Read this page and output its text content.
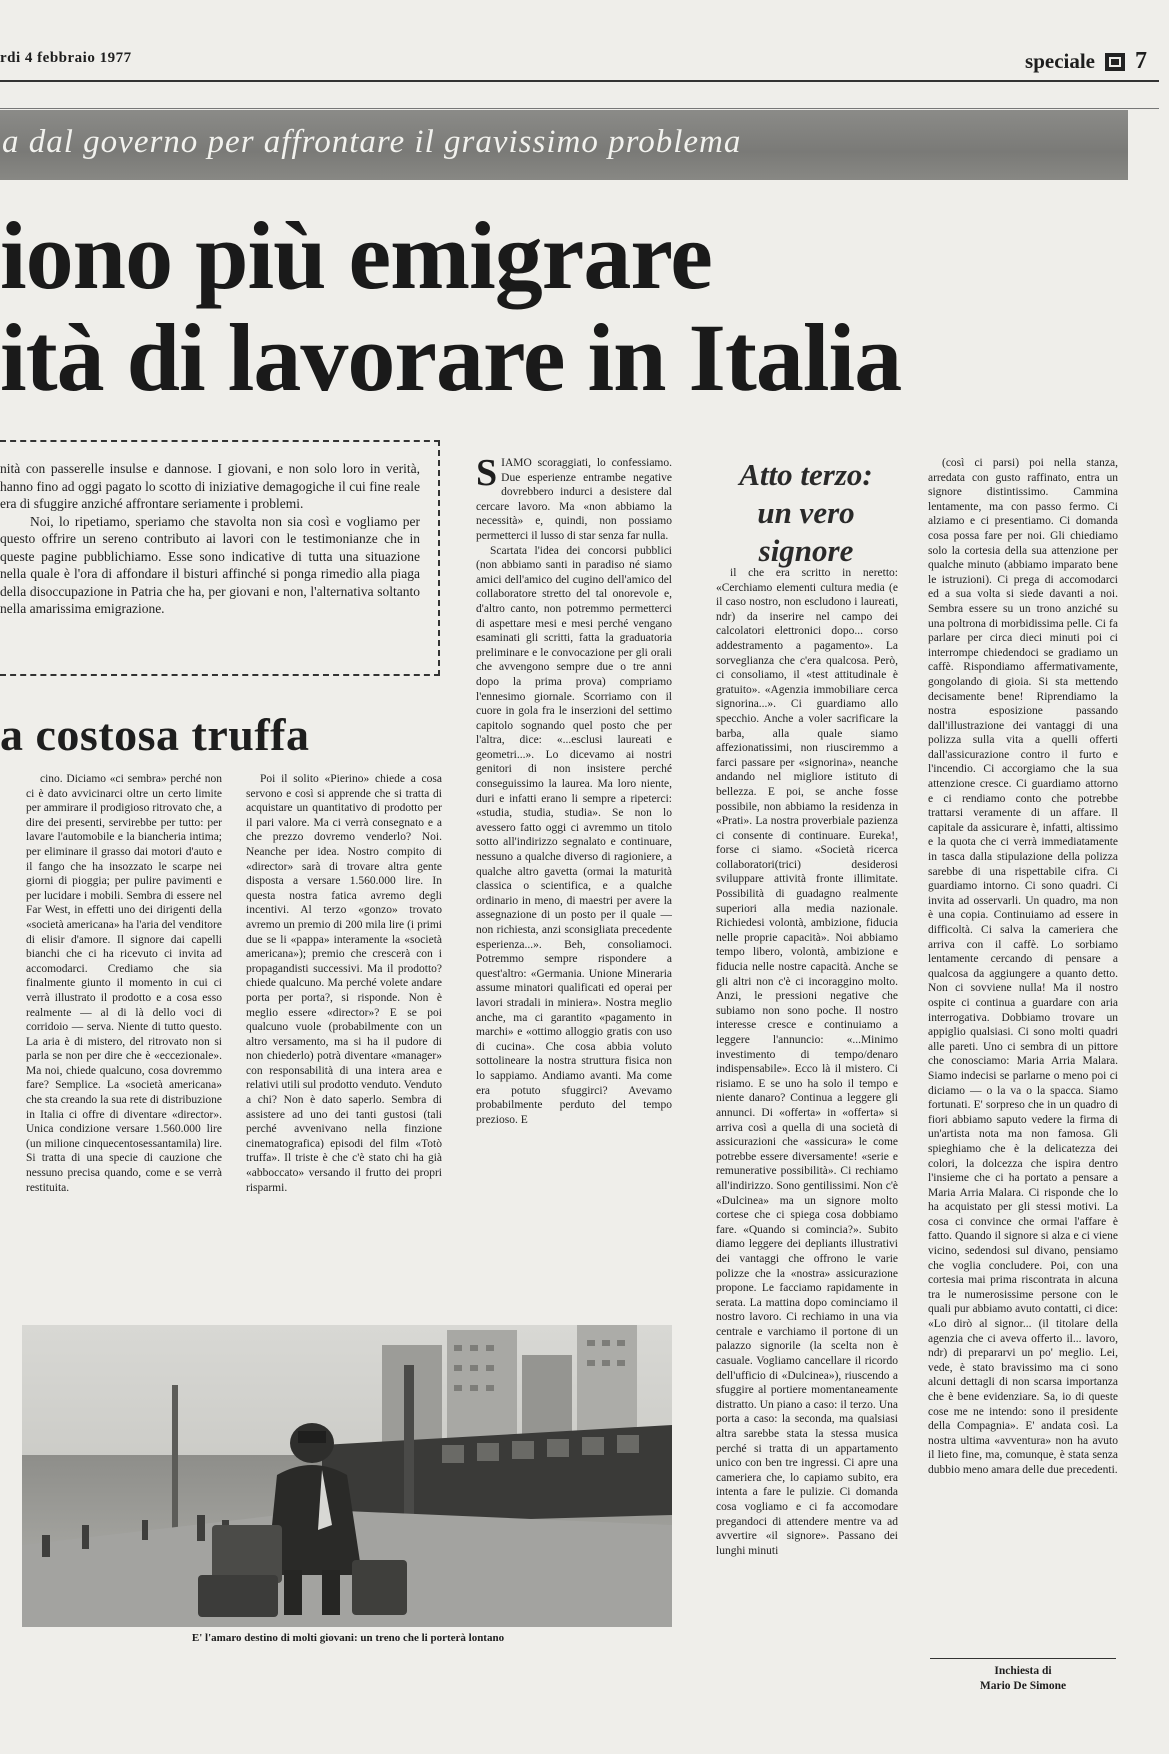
rdi 4 febbraio 1977	speciale 7
a dal governo per affrontare il gravissimo problema
iono più emigrare
ità di lavorare in Italia

nità con passerelle insulse e dannose. I giovani, e non solo loro in verità, hanno fino ad oggi pagato lo scotto di iniziative demagogiche il cui fine reale era di sfuggire anziché affrontare seriamente i problemi.

Noi, lo ripetiamo, speriamo che stavolta non sia così e vogliamo per questo offrire un sereno contributo ai lavori con le testimonianze che in queste pagine pubblichiamo. Esse sono indicative di tutta una situazione nella quale è l'ora di affondare il bisturi affinché si ponga rimedio alla piaga della disoccupazione in Patria che ha, per giovani e non, l'alternativa soltanto nella amarissima emigrazione.

a costosa truffa

cino. Diciamo «ci sembra» perché non ci è dato avvicinarci oltre un certo limite per ammirare il prodigioso ritrovato che, a dire dei presenti, servirebbe per tutto: per lavare l'automobile e la biancheria intima; per eliminare il grasso dai motori d'auto e il fango che ha insozzato le scarpe nei giorni di pioggia; per pulire pavimenti e per lucidare i mobili. Sembra di essere nel Far West, in effetti uno dei dirigenti della «società americana» ha l'aria del venditore di elisir d'amore. Il signore dai capelli bianchi che ci ha ricevuto ci invita ad accomodarci. Crediamo che sia finalmente giunto il momento in cui ci verrà illustrato il prodotto e a cosa esso realmente — al di là dello voci di corridoio — serva. Niente di tutto questo. La aria è di mistero, del ritrovato non si parla se non per dire che è «eccezionale». Ma noi, chiede qualcuno, cosa dovremmo fare? Semplice. La «società americana» che sta creando la sua rete di distribuzione in Italia ci offre di diventare «director». Unica condizione versare 1.560.000 lire (un milione cinquecentosessantamila) lire. Si tratta di una specie di cauzione che nessuno precisa quando, come e se verrà restituita.

Poi il solito «Pierino» chiede a cosa servono e così si apprende che si tratta di acquistare un quantitativo di prodotto per il pari valore. Ma ci verrà consegnato e a che prezzo dovremo venderlo? Noi. Neanche per idea. Nostro compito di «director» sarà di trovare altra gente disposta a versare 1.560.000 lire. In questa nostra fatica avremo degli incentivi. Al terzo «gonzo» trovato avremo un premio di 200 mila lire (i primi due se li «pappa» interamente la «società americana»); premio che crescerà con i propagandisti successivi. Ma il prodotto? chiede qualcuno. Ma perché volete andare porta per porta?, si risponde. Non è meglio essere «director»? E se poi qualcuno vuole (probabilmente con un altro versamento, ma si ha il pudore di non chiederlo) potrà diventare «manager» con responsabilità di una intera area e relativi utili sul prodotto venduto. Venduto a chi? Non è dato saperlo. Sembra di assistere ad uno dei tanti gustosi (tali perché avvenivano nella finzione cinematografica) episodi del film «Totò truffa». Il triste è che c'è stato chi ha già «abboccato» versando il frutto dei propri risparmi.

S IAMO scoraggiati, lo confessiamo. Due esperienze entrambe negative dovrebbero indurci a desistere dal cercare lavoro. Ma «non abbiamo la necessità» e, quindi, non possiamo permetterci il lusso di star senza far nulla.

Scartata l'idea dei concorsi pubblici (non abbiamo santi in paradiso né siamo amici dell'amico del cugino dell'amico del collaboratore stretto del tal onorevole e, d'altro canto, non potremmo permetterci di aspettare mesi e mesi perché vengano esaminati gli scritti, fatta la graduatoria preliminare e le convocazione per gli orali che avvengono sempre due o tre anni dopo la prima prova) compriamo l'ennesimo giornale. Scorriamo con il cuore in gola fra le inserzioni del settimo capitolo sognando quel posto che per l'altra, dice: «...esclusi laureati e geometri...». Lo dicevamo ai nostri genitori di non insistere perché conseguissimo la laurea. Ma loro niente, duri e infatti erano li sempre a ripeterci: «studia, studia, studia». Se non lo avessero fatto oggi ci avremmo un titolo sotto all'indirizzo segnalato e continuare, nessuno a qualche diverso di ragioniere, a qualche altro gavetta (ormai la maturità classica o scientifica, e a qualche ordinario in meno, di maestri per avere la assegnazione di un posto per il quale — non richiesta, anzi sconsigliata precedente esperienza...». Beh, consoliamoci. Potremmo sempre rispondere a quest'altro: «Germania. Unione Mineraria assume minatori qualificati ed operai per lavori stradali in miniera». Nostra meglio anche, ma ci garantito «pagamento in marchi» e «ottimo alloggio gratis con uso di cucina». Che cosa abbia voluto sottolineare la nostra struttura fisica non lo sappiamo. Andiamo avanti. Ma come era potuto sfuggirci? Avevamo probabilmente perduto del tempo prezioso. E

Atto terzo:
un vero
signore

il che era scritto in neretto: «Cerchiamo elementi cultura media (e il caso nostro, non escludono i laureati, ndr) da inserire nel campo dei calcolatori elettronici dopo... corso addestramento a pagamento». La sorveglianza che c'era qualcosa. Però, ci consoliamo, il «test attitudinale è gratuito». «Agenzia immobiliare cerca signorina...». Ci guardiamo allo specchio. Anche a voler sacrificare la barba, alla quale siamo affezionatissimi, non riusciremmo a farci passare per «signorina», neanche andando nel migliore istituto di bellezza. E poi, se anche fosse possibile, non abbiamo la residenza in «Prati». La nostra proverbiale pazienza ci consente di continuare. Eureka!, forse ci siamo. «Società ricerca collaboratori(trici) desiderosi sviluppare attività fronte illimitate. Possibilità di guadagno realmente superiori alla media nazionale. Richiedesi volontà, ambizione, fiducia nelle proprie capacità». Noi abbiamo tempo libero, volontà, ambizione e fiducia nelle nostre capacità. Anche se gli altri non c'è ci incoraggino molto. Anzi, le pressioni negative che subiamo non sono poche. Il nostro interesse cresce e continuiamo a leggere l'annuncio: «...Minimo investimento di tempo/denaro indispensabile». Ecco là il mistero. Ci risiamo. E se uno ha solo il tempo e niente danaro? Continua a leggere gli annunci. Di «offerta» in «offerta» si arriva così a quella di una società di assicurazioni che «assicura» le come potrebbe essere diversamente! «serie e remunerative possibilità». Ci rechiamo all'indirizzo. Sono gentilissimi. Non c'è «Dulcinea» ma un signore molto cortese che ci spiega cosa dobbiamo fare. «Quando si comincia?». Subito diamo leggere dei depliants illustrativi dei vantaggi che offrono le varie polizze che la «nostra» assicurazione propone. Le facciamo rapidamente in serata. La mattina dopo cominciamo il nostro lavoro. Ci rechiamo in una via centrale e varchiamo il portone di un palazzo signorile (la scelta non è casuale. Vogliamo cancellare il ricordo dell'ufficio di «Dulcinea»), riuscendo a sfuggire al portiere momentaneamente distratto. Un piano a caso: il terzo. Una porta a caso: la seconda, ma qualsiasi altra sarebbe stata la stessa musica perché si tratta di un appartamento unico con ben tre ingressi. Ci apre una cameriera che, lo capiamo subito, era intenta a fare le pulizie. Ci domanda cosa vogliamo e ci fa accomodare pregandoci di attendere mentre va ad avvertire «il signore». Passano dei lunghi minuti

(così ci parsi) poi nella stanza, arredata con gusto raffinato, entra un signore distintissimo. Cammina lentamente, ma con passo fermo. Ci alziamo e ci presentiamo. Ci domanda cosa possa fare per noi. Gli chiediamo solo la cortesia della sua attenzione per qualche minuto (abbiamo imparato bene le istruzioni). Ci prega di accomodarci ed a sua volta si siede davanti a noi. Sembra essere su un trono anziché su una poltrona di morbidissima pelle. Ci fa parlare per circa dieci minuti poi ci interrompe chiedendoci se gradiamo un caffè. Rispondiamo affermativamente, gongolando di gioia. Si sta mettendo decisamente bene! Riprendiamo la nostra esposizione passando dall'illustrazione dei vantaggi di una polizza sulla vita a quelli offerti dall'assicurazione contro il furto e l'incendio. Ci accorgiamo che la sua attenzione cresce. Ci guardiamo attorno e ci rendiamo conto che potrebbe trattarsi veramente di un affare. Il capitale da assicurare è, infatti, altissimo e la quota che ci verrà immediatamente in tasca dalla stipulazione della polizza sarebbe di una rispettabile cifra. Ci guardiamo intorno. Ci sono quadri. Ci invita ad osservarli. Un quadro, ma non è una copia. Continuiamo ad essere in difficoltà. Ci salva la cameriera che arriva con il caffè. Lo sorbiamo lentamente cercando di pensare a qualcosa da aggiungere a quanto detto. Non ci sovviene nulla! Ma il nostro ospite ci continua a guardare con aria interrogativa. Dobbiamo trovare un appiglio qualsiasi. Ci sono molti quadri alle pareti. Uno ci sembra di un pittore che conosciamo: Maria Arria Malara. Siamo indecisi se parlarne o meno poi ci diciamo — o la va o la spacca. Siamo fortunati. E' sorpreso che in un quadro di fiori abbiamo saputo vedere la firma di un'artista nota ma non famosa. Gli spieghiamo che è la delicatezza dei colori, la dolcezza che ispira dentro l'insieme che ci ha portato a pensare a Maria Arria Malara. Ci risponde che lo ha acquistato per gli stessi motivi. La cosa ci convince che ormai l'affare è fatto. Quando il signore si alza e ci viene vicino, sedendosi sul divano, pensiamo che voglia concludere. Poi, con una cortesia mai prima riscontrata in alcuna tra le numerosissime persone con le quali pur abbiamo avuto contatti, ci dice: «Lo dirò al signor... (il titolare della agenzia che ci aveva offerto il... lavoro, ndr) di prepararvi un po' meglio. Lei, vede, è stato bravissimo ma ci sono alcuni dettagli di non scarsa importanza che è bene evidenziare. Sa, io di queste cose me ne intendo: sono il presidente della Compagnia». E' andata così. La nostra ultima «avventura» non ha avuto il lieto fine, ma, comunque, è stata senza dubbio meno amara delle due precedenti.

E' l'amaro destino di molti giovani: un treno che li porterà lontano
Inchiesta di
Mario De Simone
